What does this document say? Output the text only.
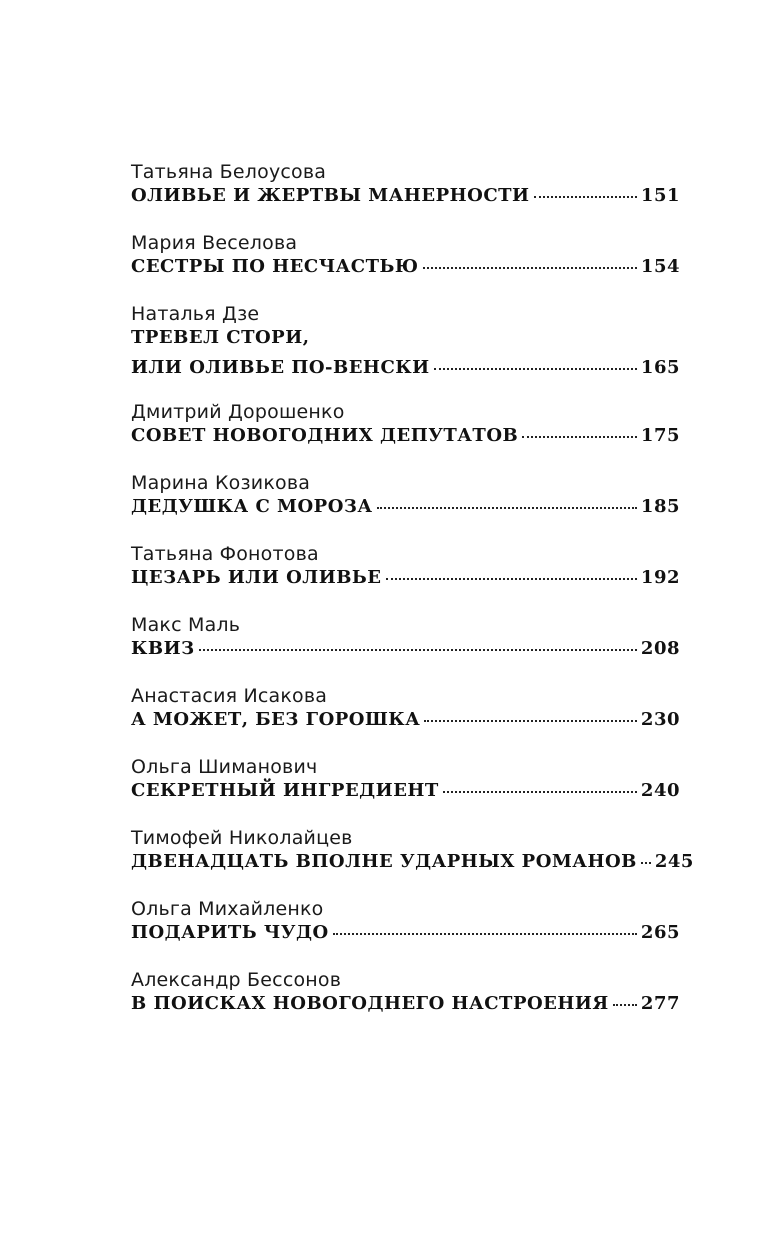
Татьяна Белоусова
ОЛИВЬЕ И ЖЕРТВЫ МАНЕРНОСТИ	151
Мария Веселова
СЕСТРЫ ПО НЕСЧАСТЬЮ	154
Наталья Дзе
ТРЕВЕЛ СТОРИ,
ИЛИ ОЛИВЬЕ ПО-ВЕНСКИ	165
Дмитрий Дорошенко
СОВЕТ НОВОГОДНИХ ДЕПУТАТОВ	175
Марина Козикова
ДЕДУШКА С МОРОЗА	185
Татьяна Фонотова
ЦЕЗАРЬ ИЛИ ОЛИВЬЕ	192
Макс Маль
КВИЗ	208
Анастасия Исакова
А МОЖЕТ, БЕЗ ГОРОШКА	230
Ольга Шиманович
СЕКРЕТНЫЙ ИНГРЕДИЕНТ	240
Тимофей Николайцев
ДВЕНАДЦАТЬ ВПОЛНЕ УДАРНЫХ РОМАНОВ 245
Ольга Михайленко
ПОДАРИТЬ ЧУДО	265
Александр Бессонов
В ПОИСКАХ НОВОГОДНЕГО НАСТРОЕНИЯ 277
